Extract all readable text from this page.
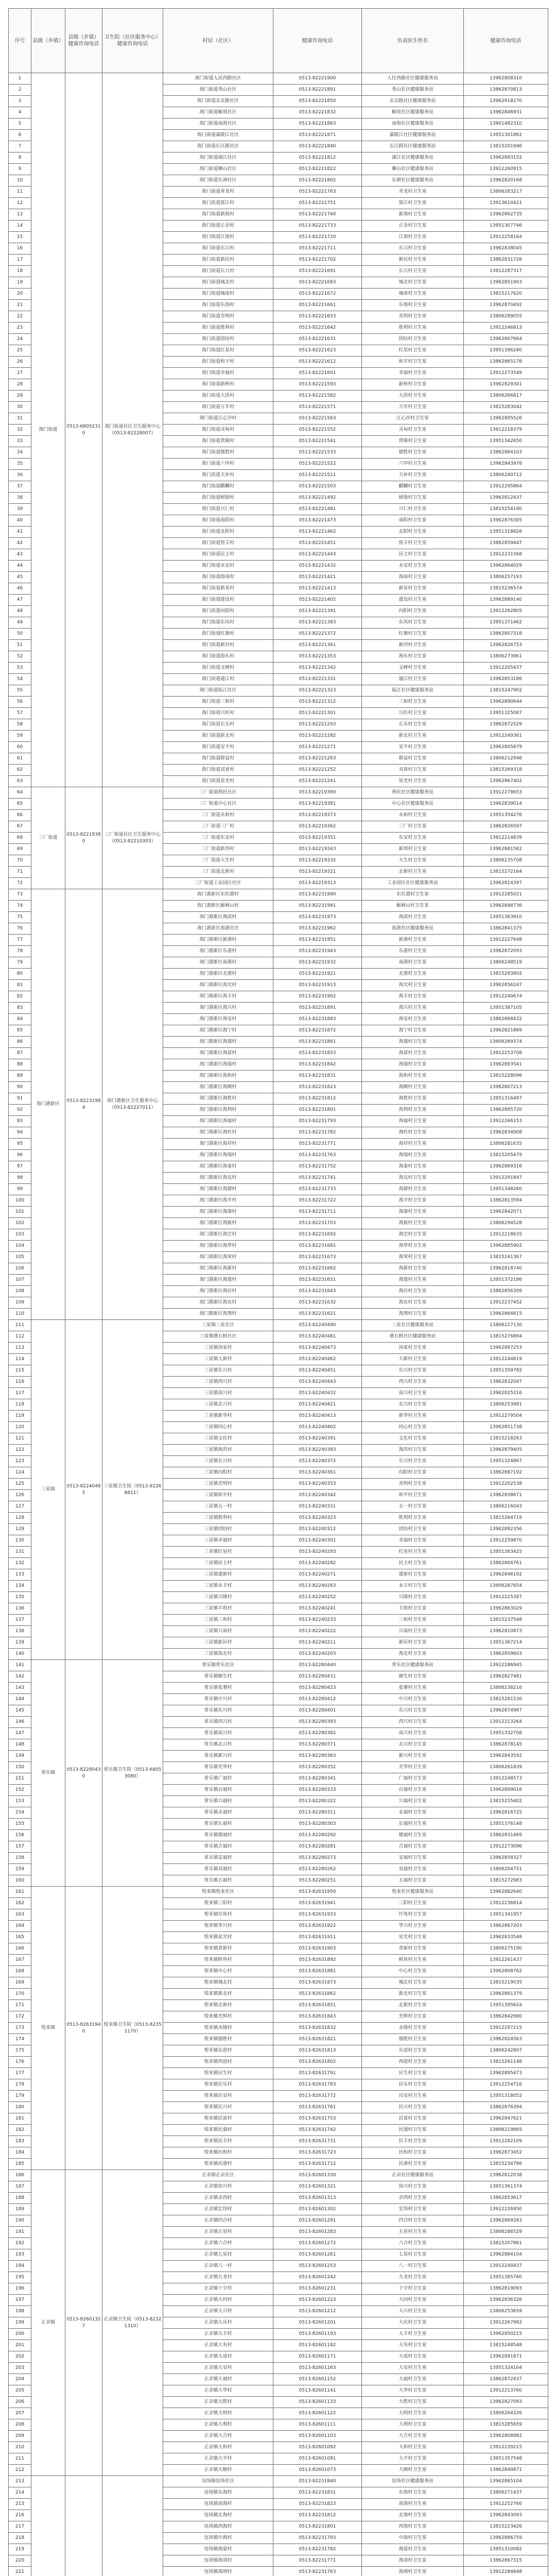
序号	县级（乡镇）	县级（乡镇）健康咨询电话	卫生院（社区服务中心）健康咨询电话	村居（社区）	健康咨询电话	负责医生姓名	健康咨询电话
1	海门街道	0513-68052310	海门街道社区卫生服务中心（0513-82228007）	海门街道人民西路社区	0513-82221900	人民西路社区健康服务站	13962808310
2				海门街道秀山社区	0513-82221891	秀山社区健康服务站	13862870813
3				海门街道北京路社区	0513-82221850	北京路社区健康服务站	13962918270
4				海门街道解放社区	0513-82221832	解放社区健康服务站	13962846931
5				海门街道南海社区	0513-82221863	南海社区健康服务站	13901482310
6				海门街道嘉陵江社区	0513-82221871	嘉陵江社区健康服务站	13951301862
7				海门街道长江路社区	0513-82221840	长江路社区健康服务站	13815201946
8				海门街道浦江社区	0513-82221812	浦江社区健康服务站	13962893152
9				海门街道狮山社区	0513-82221822	狮山社区健康服务站	13912260915
10				海门街道东洲社区	0513-82221802	东洲社区健康服务站	13962820168
11				海门街道青龙村	0513-82221763	青龙村卫生室	13806283217
12				海门街道富江村	0513-82221751	富江村卫生室	13913610421
13				海门街道新海村	0513-82221740	新海村卫生室	13962862735
14				海门街道正余村	0513-82221733	正余村卫生室	13951307746
15				海门街道江海村	0513-82221720	江海村卫生室	13912258164
16				海门街道东兴村	0513-82221711	东兴村卫生室	13962838045
17				海门街道新民村	0513-82221702	新民村卫生室	13862831726
18				海门街道长兴村	0513-82221691	长兴村卫生室	13912287317
19				海门街道城北村	0513-82221683	城北村卫生室	13962851903
20				海门街道城南村	0513-82221672	城南村卫生室	13815217620
21				海门街道东海村	0513-82221661	东海村卫生室	13962870492
22				海门街道光明村	0513-82221653	光明村卫生室	13806289055
23				海门街道胜利村	0513-82221642	胜利村卫生室	13912246813
24				海门街道团结村	0513-82221631	团结村卫生室	13962807664
25				海门街道红星村	0513-82221623	红星村卫生室	13951396280
26				海门街道和平村	0513-82221612	和平村卫生室	13862865178
27				海门街道幸福村	0513-82221601	幸福村卫生室	13912273549
28				海门街道新桥村	0513-82221593	新桥村卫生室	13962829301
29				海门街道大洪村	0513-82221582	大洪村卫生室	13806266817
30				海门街道万年村	0513-82221571	万年村卫生室	13815283042
31				海门街道江心沙村	0513-82221563	江心沙村卫生室	13962895526
32				海门街道灵甸村	0513-82221552	灵甸村卫生室	13912218379
33				海门街道货隆村	0513-82221541	货隆村卫生室	13951342650
34				海门街道德胜村	0513-82221533	德胜村卫生室	13862884103
35				海门街道六甲村	0513-82221522	六甲村卫生室	13962843978
36				海门街道天补村	0513-82221511	天补村卫生室	13806240712
37				海门街道麒麟村	0513-82221503	麒麟村卫生室	13912295864
38				海门街道树勋村	0513-82221492	树勋村卫生室	13962812437
39				海门街道兴仁村	0513-82221481	兴仁村卫生室	13815254190
40				海门街道南阳村	0513-82221473	南阳村卫生室	13962876305
41				海门街道北阳村	0513-82221462	北阳村卫生室	13951318826
42				海门街道悦丰村	0513-82221451	悦丰村卫生室	13862859447
43				海门街道民主村	0513-82221443	民主村卫生室	13912231568
44				海门街道永安村	0513-82221432	永安村卫生室	13962864029
45				海门街道海南村	0513-82221421	海南村卫生室	13806257193
46				海门街道新星村	0513-82221413	新星村卫生室	13815236574
47				海门街道建设村	0513-82221402	建设村卫生室	13962889140
48				海门街道向阳村	0513-82221391	向阳村卫生室	13912262805
49				海门街道东风村	0513-82221383	东风村卫生室	13951371462
50				海门街道红旗村	0513-82221372	红旗村卫生室	13862807318
51				海门街道新河村	0513-82221361	新河村卫生室	13962826753
52				海门街道海东村	0513-82221353	海东村卫生室	13806273961
53				海门街道文峰村	0513-82221342	文峰村卫生室	13912205437
54				海门街道通江村	0513-82221331	通江村卫生室	13962853186
55				海门街道临江社区	0513-82221323	临江社区健康服务站	13815247902
56				海门街道三和村	0513-82221312	三和村卫生室	13962890644
57				海门街道兴旺村	0513-82221301	兴旺村卫生室	13951325087
58				海门街道长乐村	0513-82221293	长乐村卫生室	13862872529
59				海门街道新北村	0513-82221282	新北村卫生室	13912249361
60				海门街道安平村	0513-82221271	安平村卫生室	13962805879
61				海门街道群益村	0513-82221263	群益村卫生室	13806212946
62				海门街道双喜村	0513-82221252	双喜村卫生室	13815269318
63				海门街道星光村	0513-82221241	星光村卫生室	13962867402
64	三厂街道	0513-82219380	三厂街道社区卫生服务中心（0513-82210303）	三厂街道利民社区	0513-82219390	利民社区健康服务站	13912278653
65				三厂街道中心社区	0513-82219381	中心社区健康服务站	13962839014
66				三厂街道永和村	0513-82219373	永和村卫生室	13951354276
67				三厂街道三厂村	0513-82219362	三厂村卫生室	13862826597
68				三厂街道东安村	0513-82219351	东安村卫生室	13912214839
69				三厂街道新坝村	0513-82219343	新坝村卫生室	13962881562
70				三厂街道大生村	0513-82219332	大生村卫生室	13806235708
71				三厂街道北新村	0513-82219321	北新村卫生室	13815272164
72				三厂街道工业园区社区	0513-82219313	工业园区社区健康服务站	13962814397
73	海门港新区	0513-82231984	海门港新区卫生服务中心（0513-82227011）	海门港新区东灶港村	0513-82231990	东灶港村卫生室	13912285021
74				海门港新区蛎岈山村	0513-82231981	蛎岈山村卫生室	13962848736
75				海门港新区海滨村	0513-82231973	海滨村卫生室	13951363910
76				海门港新区海港社区	0513-82231962	海港社区健康服务站	13862841375
77				海门港新区新港村	0513-82231951	新港村卫生室	13912227648
78				海门港新区东港村	0513-82231943	东港村卫生室	13962872093
79				海门港新区南港村	0513-82231932	南港村卫生室	13806248519
80				海门港新区北港村	0513-82231921	北港村卫生室	13815293802
81				海门港新区海光村	0513-82231913	海光村卫生室	13962856247
82				海门港新区海丰村	0513-82231902	海丰村卫生室	13912240674
83				海门港新区海兴村	0513-82231891	海兴村卫生室	13951387105
84				海门港新区海安村	0513-82231883	海安村卫生室	13862868432
85				海门港新区海宁村	0513-82231872	海宁村卫生室	13962821869
86				海门港新区海盛村	0513-82231861	海盛村卫生室	13806269374
87				海门港新区海富村	0513-82231853	海富村卫生室	13912253708
88				海门港新区海强村	0513-82231842	海强村卫生室	13962893541
89				海门港新区海和村	0513-82231831	海和村卫生室	13815228096
90				海门港新区海顺村	0513-82231823	海顺村卫生室	13962807213
91				海门港新区海胜村	0513-82231812	海胜村卫生室	13951316487
92				海门港新区海利村	0513-82231801	海利村卫生室	13862895720
93				海门港新区海福村	0513-82231793	海福村卫生室	13912266153
94				海门港新区海旺村	0513-82231782	海旺村卫生室	13962834908
95				海门港新区海祥村	0513-82231771	海祥村卫生室	13806281635
96				海门港新区海瑞村	0513-82231763	海瑞村卫生室	13815205479
97				海门港新区海泰村	0513-82231752	海泰村卫生室	13962869316
98				海门港新区海达村	0513-82231741	海达村卫生室	13912291847
99				海门港新区海源村	0513-82231733	海源村卫生室	13951348260
100				海门港新区海平村	0513-82231722	海平村卫生室	13862813594
101				海门港新区海康村	0513-82231711	海康村卫生室	13962842071
102				海门港新区海振村	0513-82231703	海振村卫生室	13806294528
103				海门港新区海宏村	0513-82231692	海宏村卫生室	13912218635
104				海门港新区海华村	0513-82231681	海华村卫生室	13962885902
105				海门港新区海荣村	0513-82231673	海荣村卫生室	13815241367
106				海门港新区海新村	0513-82231662	海新村卫生室	13962818740
107				海门港新区海建村	0513-82231651	海建村卫生室	13951372186
108				海门港新区海民村	0513-82231643	海民村卫生室	13862856309
109				海门港新区海农村	0513-82231632	海农村卫生室	13912237452
110				海门港新区海渔村	0513-82231621	海渔村卫生室	13962864815
111	三星镇	0513-82240485	三星镇卫生院（0513-82268811）	三星镇三星社区	0513-82240490	三星社区健康服务站	13806227130
112				三星镇叠石桥社区	0513-82240481	叠石桥社区健康服务站	13815276894
113				三星镇汤家村	0513-82240473	汤家村卫生室	13962897253
114				三星镇大新村	0513-82240462	大新村卫生室	13912244619
115				三星镇东兴村	0513-82240451	东兴村卫生室	13951359782
116				三星镇西兴村	0513-82240443	西兴村卫生室	13862832047
117				三星镇南兴村	0513-82240432	南兴村卫生室	13962825316
118				三星镇北兴村	0513-82240421	北兴村卫生室	13806253981
119				三星镇新华村	0513-82240413	新华村卫生室	13912279504
120				三星镇同心村	0513-82240402	同心村卫生室	13962851738
121				三星镇文化村	0513-82240391	文化村卫生室	13815218263
122				三星镇海洪村	0513-82240383	海洪村卫生室	13962879405
123				三星镇长兴村	0513-82240372	长兴村卫生室	13951324867
124				三星镇向阳村	0513-82240361	向阳村卫生室	13862887192
125				三星镇光明村	0513-82240353	光明村卫生室	13912202538
126				三星镇和平村	0513-82240342	和平村卫生室	13962838671
127				三星镇五一村	0513-82240331	五一村卫生室	13806216043
128				三星镇胜利村	0513-82240323	胜利村卫生室	13815264719
129				三星镇团结村	0513-82240312	团结村卫生室	13962892356
130				三星镇幸福村	0513-82240301	幸福村卫生室	13912259870
131				三星镇红星村	0513-82240293	红星村卫生室	13951383425
132				三星镇民主村	0513-82240282	民主村卫生室	13862804761
133				三星镇建新村	0513-82240271	建新村卫生室	13962846192
134				三星镇永丰村	0513-82240263	永丰村卫生室	13806287654
135				三星镇兴隆村	0513-82240252	兴隆村卫生室	13912225387
136				三星镇丰收村	0513-82240241	丰收村卫生室	13962863029
137				三星镇三和村	0513-82240233	三和村卫生室	13815237548
138				三星镇兴南村	0513-82240222	兴南村卫生室	13962810873
139				三星镇新民村	0513-82240211	新民村卫生室	13951367214
140				三星镇海北村	0513-82240203	海北村卫生室	13862859603
141	常乐镇	0513-82280430	常乐镇卫生院（0513-68053080）	常乐镇常乐社区	0513-82280440	常乐社区健康服务站	13912286945
142				常乐镇颐生村	0513-82280431	颐生村卫生室	13962827481
143				常乐镇张謇村	0513-82280423	张謇村卫生室	13806238216
144				常乐镇中兴村	0513-82280412	中兴村卫生室	13815281530
145				常乐镇东兴村	0513-82280401	东兴村卫生室	13962874967
146				常乐镇西兴村	0513-82280393	西兴村卫生室	13912213264
147				常乐镇南兴村	0513-82280382	南兴村卫生室	13951332708
148				常乐镇北兴村	0513-82280371	北兴村卫生室	13862878145
149				常乐镇新兴村	0513-82280363	新兴村卫生室	13962843592
150				常乐镇光华村	0513-82280352	光华村卫生室	13806261839
151				常乐镇广福村	0513-82280341	广福村卫生室	13912248573
152				常乐镇百福村	0513-82280333	百福村卫生室	13962899016
153				常乐镇兴福村	0513-82280322	兴福村卫生室	13815255402
154				常乐镇永福村	0513-82280311	永福村卫生室	13962816725
155				常乐镇长福村	0513-82280303	长福村卫生室	13951376148
156				常乐镇德福村	0513-82280292	德福村卫生室	13862831469
157				常乐镇吉福村	0513-82280281	吉福村卫生室	13912273096
158				常乐镇安福村	0513-82280273	安福村卫生室	13962858327
159				常乐镇双福村	0513-82280262	双福村卫生室	13806204751
160				常乐镇五福村	0513-82280251	五福村卫生室	13815272983
161	悦来镇	0513-82631940	悦来镇卫生院（0513-82351170）	悦来镇悦来社区	0513-82631950	悦来社区健康服务站	13962882640
162				悦来镇三阳村	0513-82631941	三阳村卫生室	13912236814
163				悦来镇圩角村	0513-82631933	圩角村卫生室	13951341957
164				悦来镇华兴村	0513-82631922	华兴村卫生室	13862867203
165				悦来镇星光村	0513-82631911	星光村卫生室	13962833548
166				悦来镇普新村	0513-82631903	普新村卫生室	13806275190
167				悦来镇鲜鱼村	0513-82631892	鲜鱼村卫生室	13912261437
168				悦来镇中心村	0513-82631881	中心村卫生室	13962808762
169				悦来镇城北村	0513-82631873	城北村卫生室	13815219035
170				悦来镇新北村	0513-82631862	新北村卫生室	13962861379
171				悦来镇北新村	0513-82631851	北新村卫生室	13951395624
172				悦来镇光辉村	0513-82631843	光辉村卫生室	13862842980
173				悦来镇永隆村	0513-82631832	永隆村卫生室	13912297215
174				悦来镇德胜村	0513-82631821	德胜村卫生室	13962824563
175				悦来镇东进村	0513-82631813	东进村卫生室	13806242807
176				悦来镇西进村	0513-82631802	西进村卫生室	13815261148
177				悦来镇民生村	0513-82631791	民生村卫生室	13962895473
178				悦来镇民乐村	0513-82631783	民乐村卫生室	13912254716
179				悦来镇民安村	0513-82631772	民安村卫生室	13951318052
180				悦来镇民兴村	0513-82631761	民兴村卫生室	13862876394
181				悦来镇民富村	0513-82631753	民富村卫生室	13962847621
182				悦来镇民强村	0513-82631742	民强村卫生室	13806219865
183				悦来镇民丰村	0513-82631731	民丰村卫生室	13912282109
184				悦来镇民和村	0513-82631723	民和村卫生室	13962873452
185				悦来镇民康村	0513-82631712	民康村卫生室	13815234786
186	正余镇	0513-82601327	正余镇卫生院（0513-82321310）	正余镇正余社区	0513-82601330	正余社区健康服务站	13962812038
187				正余镇协兴村	0513-82601321	协兴村卫生室	13951361374
188				正余镇余西村	0513-82601313	余西村卫生室	13862853617
189				正余镇宏伟村	0513-82601302	宏伟村卫生室	13912226950
190				正余镇四合村	0513-82601291	四合村卫生室	13962869283
191				正余镇五星村	0513-82601283	五星村卫生室	13806286529
192				正余镇六合村	0513-82601272	六合村卫生室	13815207861
193				正余镇七星村	0513-82601261	七星村卫生室	13962884104
194				正余镇八一村	0513-82601253	八一村卫生室	13912240437
195				正余镇九龙村	0513-82601242	九龙村卫生室	13951385760
196				正余镇十字村	0513-82601231	十字村卫生室	13862819093
197				正余镇大同村	0513-82601223	大同村卫生室	13962836326
198				正余镇大兴村	0513-82601212	大兴村卫生室	13806253659
199				正余镇大庆村	0513-82601201	大庆村卫生室	13912267982
200				正余镇大丰村	0513-82601193	大丰村卫生室	13962850215
201				正余镇大有村	0513-82601182	大有村卫生室	13815248548
202				正余镇大成村	0513-82601171	大成村卫生室	13962891871
203				正余镇大安村	0513-82601163	大安村卫生室	13951324104
204				正余镇大福村	0513-82601152	大福村卫生室	13862872437
205				正余镇大华村	0513-82601141	大华村卫生室	13912213760
206				正余镇大胜村	0513-82601133	大胜村卫生室	13962827093
207				正余镇大明村	0513-82601122	大明村卫生室	13806264326
208				正余镇大利村	0513-82601111	大利村卫生室	13815285659
209				正余镇大吉村	0513-82601103	大吉村卫生室	13962808982
210				正余镇大和村	0513-82601092	大和村卫生室	13912239215
211				正余镇大平村	0513-82601081	大平村卫生室	13951357548
212				正余镇大顺村	0513-82601073	大顺村卫生室	13862840871
213				包场镇包场社区	0513-82231840	包场社区健康服务站	13962865104
214				包场镇东海村	0513-82231831	东海村卫生室	13806271437
215				包场镇南海村	0513-82231823	南海村卫生室	13912252760
216				包场镇北海村	0513-82231812	北海村卫生室	13962843093
217				包场镇西海村	0513-82231801	西海村卫生室	13815223426
218				包场镇中海村	0513-82231793	中海村卫生室	13962886759
219				包场镇海晏村	0513-82231782	海晏村卫生室	13951310082
220				包场镇海清村	0513-82231771	海清村卫生室	13862867315
221				包场镇海靖村	0513-82231763	海靖村卫生室	13912284648
